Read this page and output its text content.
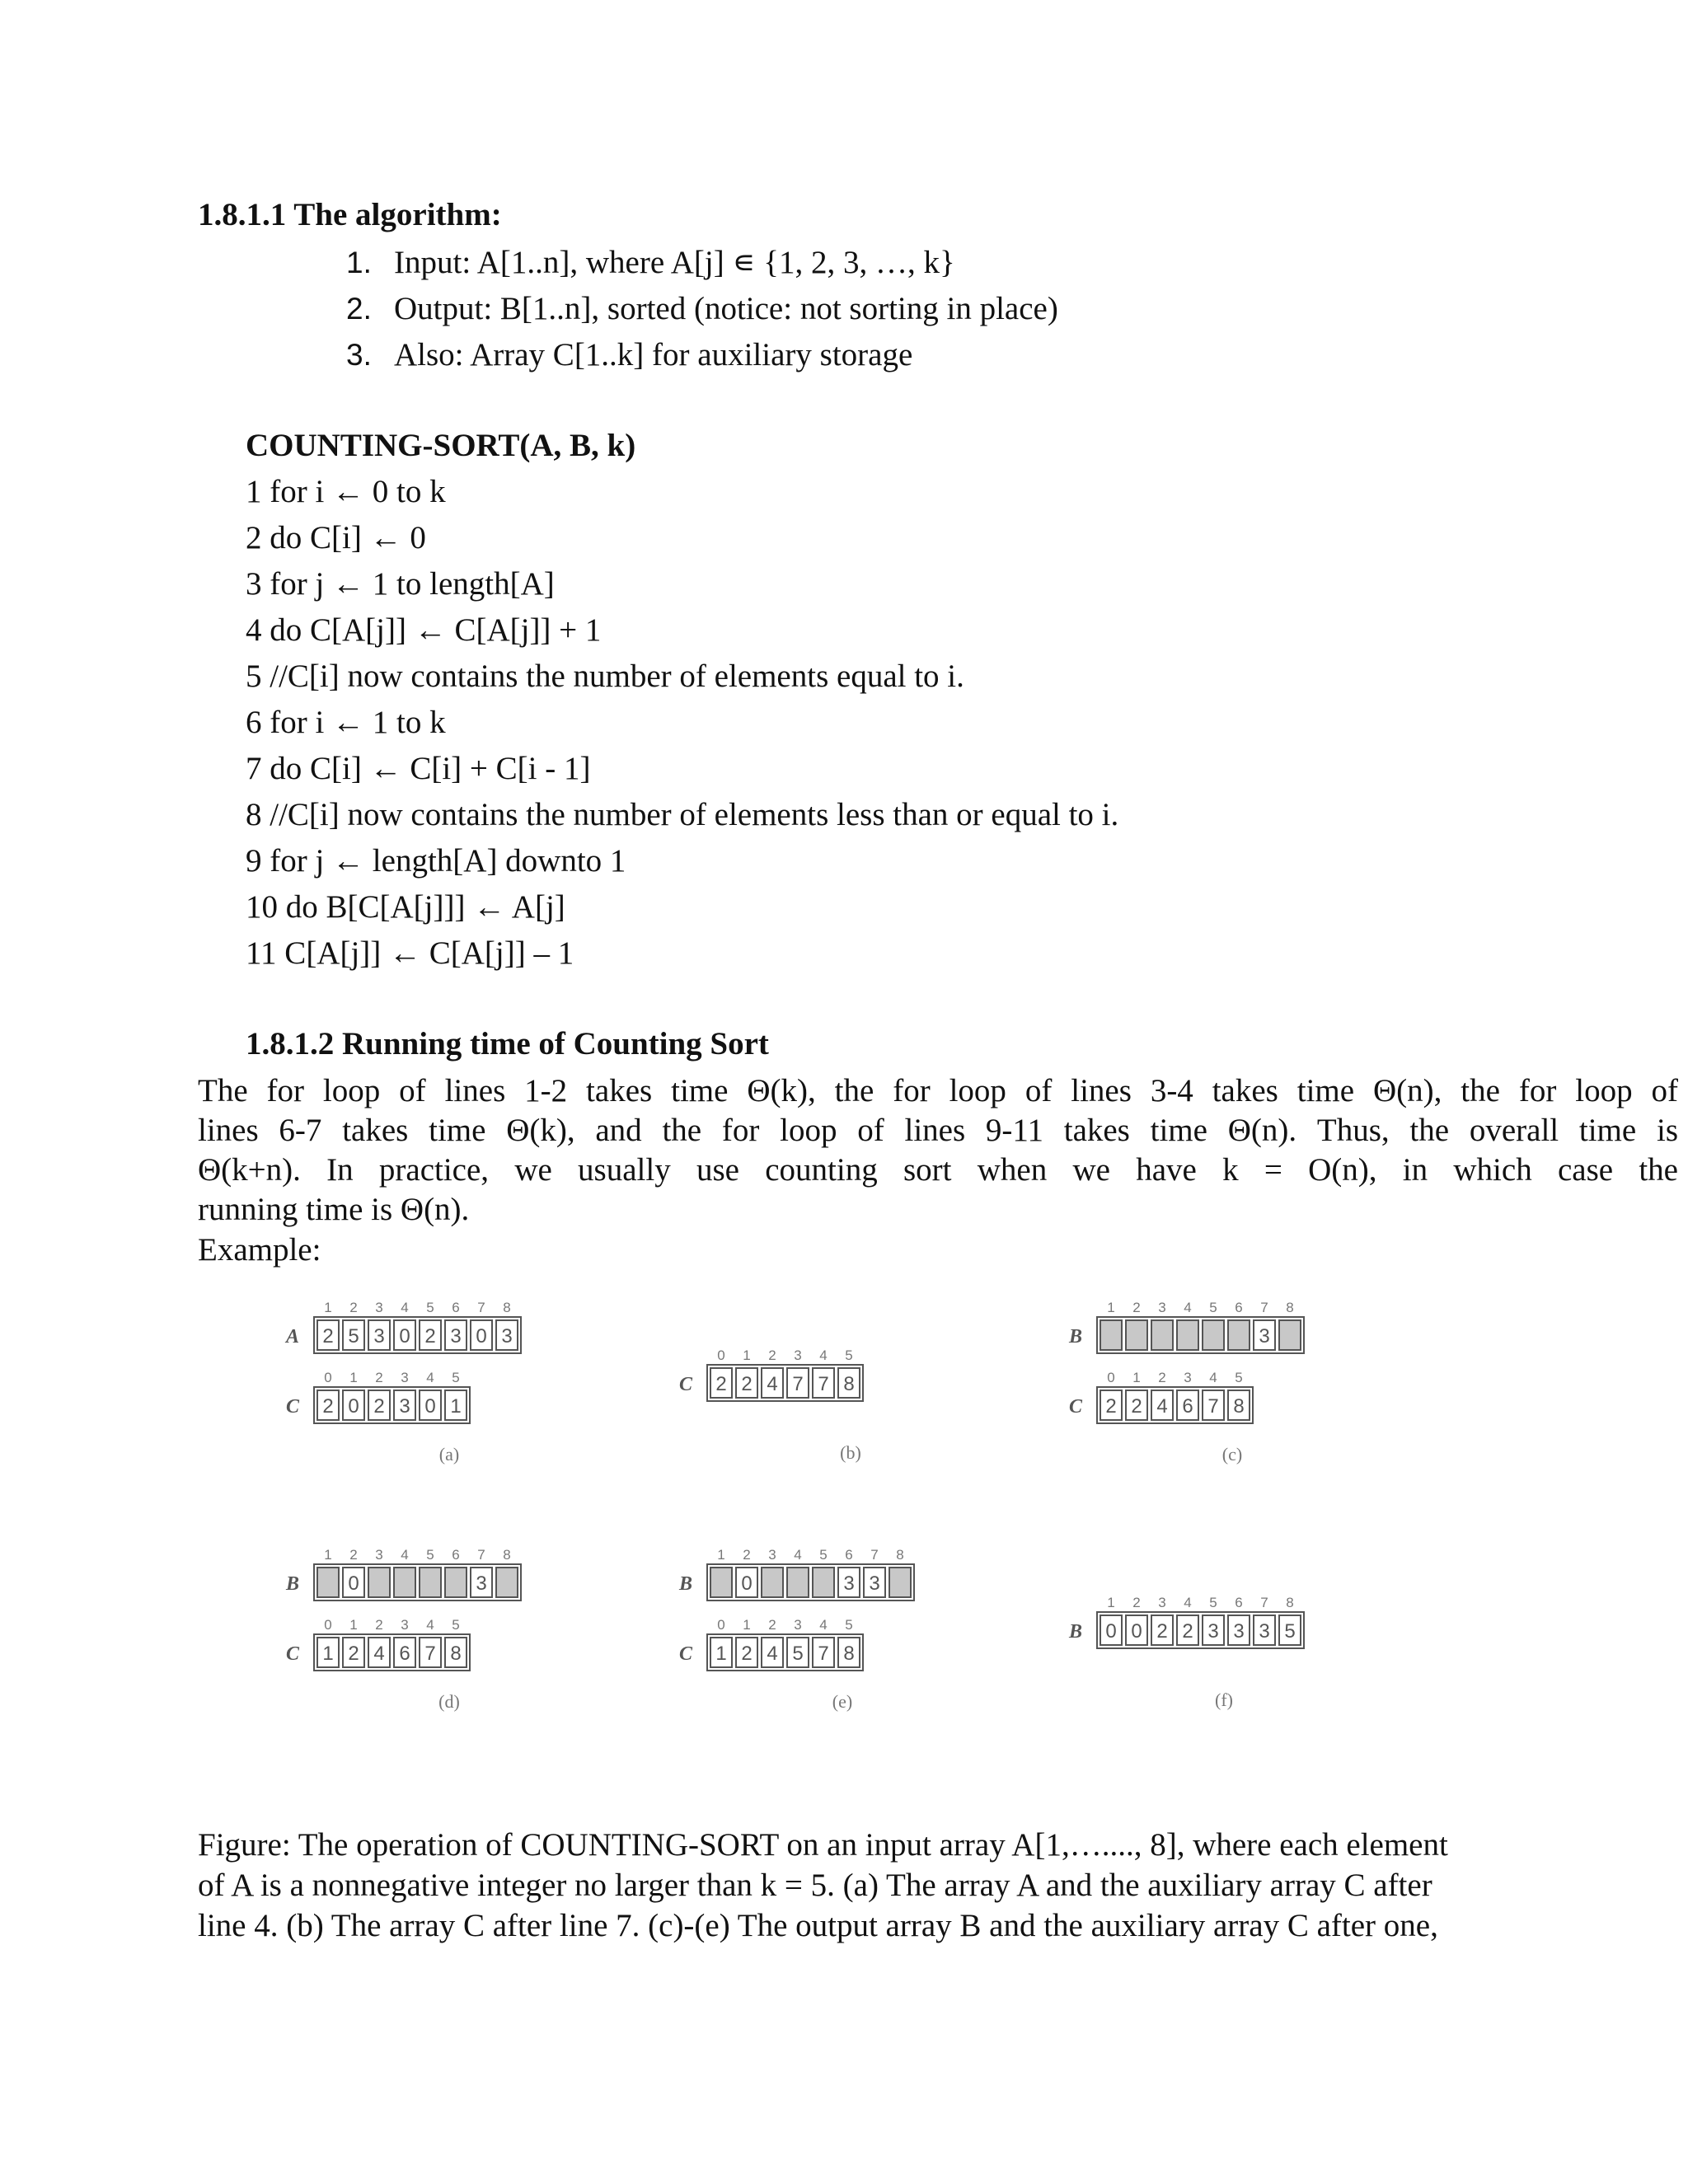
1.8.1.1 The algorithm:
1. Input: A[1..n], where A[j] ∊ {1, 2, 3, …, k}
2. Output: B[1..n], sorted (notice: not sorting in place)
3. Also: Array C[1..k] for auxiliary storage
COUNTING-SORT(A, B, k)
1 for i ← 0 to k
2 do C[i] ← 0
3 for j ← 1 to length[A]
4 do C[A[j]] ← C[A[j]] + 1
5 //C[i] now contains the number of elements equal to i.
6 for i ← 1 to k
7 do C[i] ← C[i] + C[i - 1]
8 //C[i] now contains the number of elements less than or equal to i.
9 for j ← length[A] downto 1
10 do B[C[A[j]]] ← A[j]
11 C[A[j]] ← C[A[j]] – 1
1.8.1.2 Running time of Counting Sort
The for loop of lines 1-2 takes time Θ(k), the for loop of lines 3-4 takes time Θ(n), the for loop of
lines 6-7 takes time Θ(k), and the for loop of lines 9-11 takes time Θ(n). Thus, the overall time is
Θ(k+n). In practice, we usually use counting sort when we have k = O(n), in which case the
running time is Θ(n).
Example:
A
1
2
2
5
3
3
4
0
5
2
6
3
7
0
8
3
C
0
2
1
0
2
2
3
3
4
0
5
1
(a)
C
0
2
1
2
2
4
3
7
4
7
5
8
(b)
B
1 2 3 4 5 6 7
3
8
C
0
2
1
2
2
4
3
6
4
7
5
8
(c)
B
1 2
0
3 4 5 6 7
3
8
C
0
1
1
2
2
4
3
6
4
7
5
8
(d)
B
1 2
0
3 4 5 6
3
7
3
8
C
0
1
1
2
2
4
3
5
4
7
5
8
(e)
B
1
0
2
0
3
2
4
2
5
3
6
3
7
3
8
5
(f)
Figure: The operation of COUNTING-SORT on an input array A[1,…...., 8], where each element
of A is a nonnegative integer no larger than k = 5. (a) The array A and the auxiliary array C after
line 4. (b) The array C after line 7. (c)-(e) The output array B and the auxiliary array C after one,
